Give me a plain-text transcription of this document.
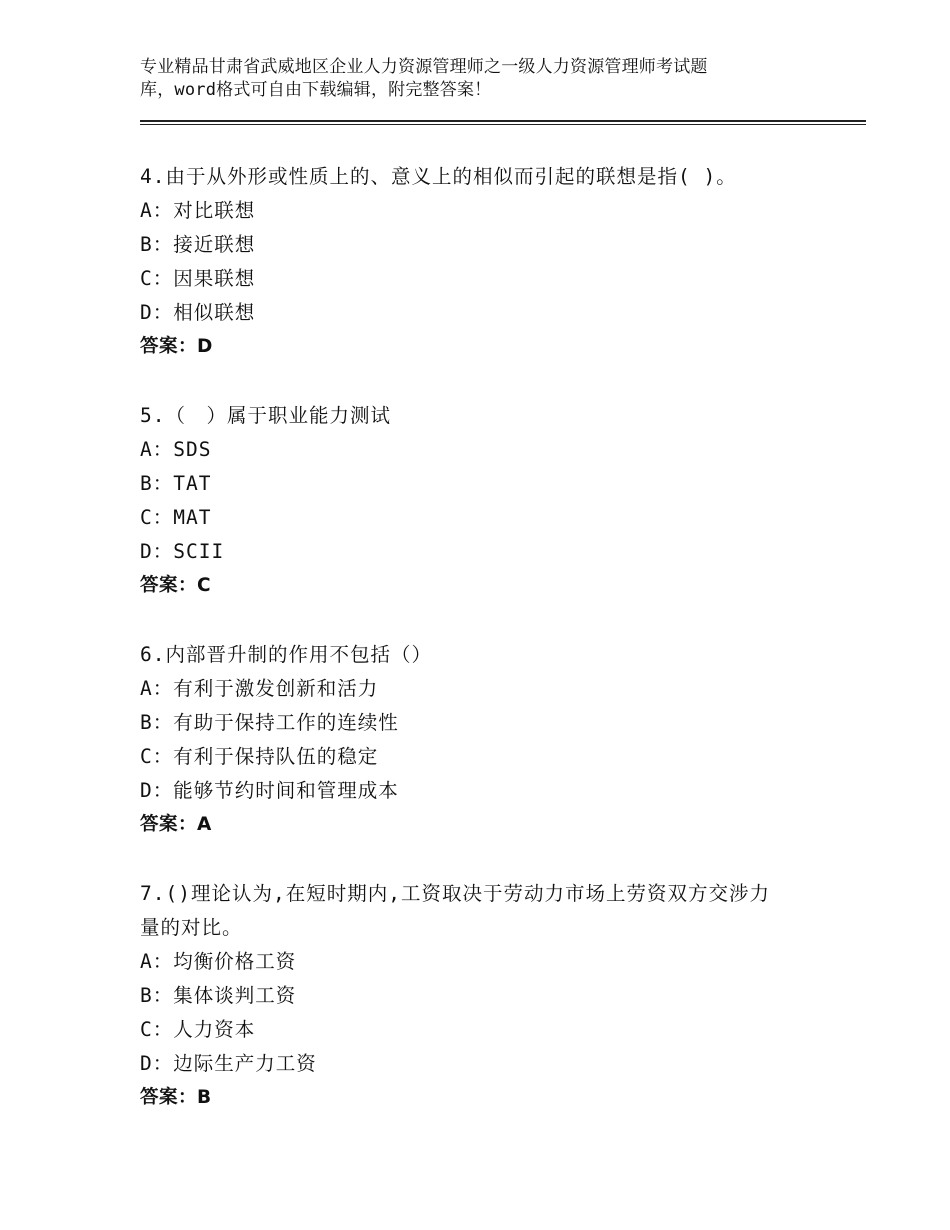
专业精品甘肃省武威地区企业人力资源管理师之一级人力资源管理师考试题
库，word格式可自由下载编辑，附完整答案！
4.由于从外形或性质上的、意义上的相似而引起的联想是指( )。
A：对比联想
B：接近联想
C：因果联想
D：相似联想
答案：D
5.（　）属于职业能力测试
A：SDS
B：TAT
C：MAT
D：SCII
答案：C
6.内部晋升制的作用不包括（）
A：有利于激发创新和活力
B：有助于保持工作的连续性
C：有利于保持队伍的稳定
D：能够节约时间和管理成本
答案：A
7.()理论认为,在短时期内,工资取决于劳动力市场上劳资双方交涉力
量的对比。
A：均衡价格工资
B：集体谈判工资
C：人力资本
D：边际生产力工资
答案：B
